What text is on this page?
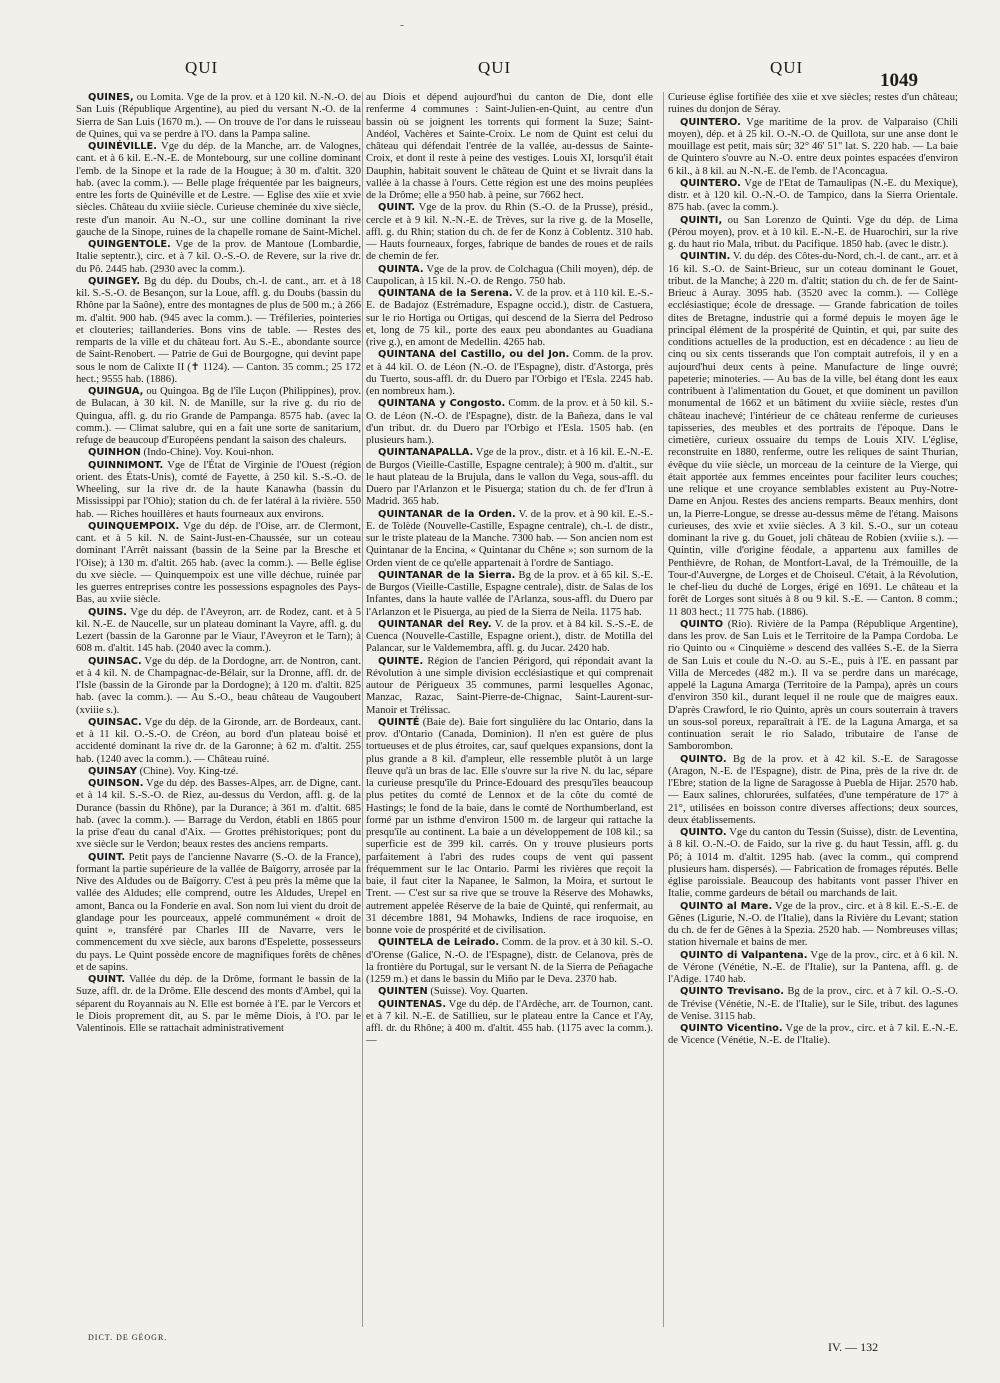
-
QUI	QUI	QUI
1049

QUINES, ou Lomita. Vge de la prov. et à 120 kil. N.-N.-O. de San Luis (République Argentine), au pied du versant N.-O. de la Sierra de San Luis (1670 m.). — On trouve de l'or dans le ruisseau de Quines, qui va se perdre à l'O. dans la Pampa saline.

QUINÉVILLE. Vge du dép. de la Manche, arr. de Valognes, cant. et à 6 kil. E.-N.-E. de Montebourg, sur une colline dominant l'emb. de la Sinope et la rade de la Hougue; à 30 m. d'altit. 320 hab. (avec la comm.). — Belle plage fréquentée par les baigneurs, entre les forts de Quinéville et de Lestre. — Eglise des xiie et xvie siècles. Château du xviiie siècle. Curieuse cheminée du xive siècle, reste d'un manoir. Au N.-O., sur une colline dominant la rive gauche de la Sinope, ruines de la chapelle romane de Saint-Michel.

QUINGENTOLE. Vge de la prov. de Mantoue (Lombardie, Italie septentr.), circ. et à 7 kil. O.-S.-O. de Revere, sur la rive dr. du Pô. 2445 hab. (2930 avec la comm.).

QUINGEY. Bg du dép. du Doubs, ch.-l. de cant., arr. et à 18 kil. S.-S.-O. de Besançon, sur la Loue, affl. g. du Doubs (bassin du Rhône par la Saône), entre des montagnes de plus de 500 m.; à 266 m. d'altit. 900 hab. (945 avec la comm.). — Tréfileries, pointeries et clouteries; taillanderies. Bons vins de table. — Restes des remparts de la ville et du château fort. Au S.-E., abondante source de Saint-Renobert. — Patrie de Gui de Bourgogne, qui devint pape sous le nom de Calixte II (✝ 1124). — Canton. 35 comm.; 25 172 hect.; 9555 hab. (1886).

QUINGUA, ou Quingoa. Bg de l'île Luçon (Philippines), prov. de Bulacan, à 30 kil. N. de Manille, sur la rive g. du rio de Quingua, affl. g. du rio Grande de Pampanga. 8575 hab. (avec la comm.). — Climat salubre, qui en a fait une sorte de sanitarium, refuge de beaucoup d'Européens pendant la saison des chaleurs.

QUINHON (Indo-Chine). Voy. Koui-nhon.

QUINNIMONT. Vge de l'État de Virginie de l'Ouest (région orient. des États-Unis), comté de Fayette, à 250 kil. S.-S.-O. de Wheeling, sur la rive dr. de la haute Kanawha (bassin du Mississippi par l'Ohio); station du ch. de fer latéral à la rivière. 550 hab. — Riches houillères et hauts fourneaux aux environs.

QUINQUEMPOIX. Vge du dép. de l'Oise, arr. de Clermont, cant. et à 5 kil. N. de Saint-Just-en-Chaussée, sur un coteau dominant l'Arrêt naissant (bassin de la Seine par la Bresche et l'Oise); à 130 m. d'altit. 265 hab. (avec la comm.). — Belle église du xve siècle. — Quinquempoix est une ville déchue, ruinée par les guerres entreprises contre les possessions espagnoles des Pays-Bas, au xviie siècle.

QUINS. Vge du dép. de l'Aveyron, arr. de Rodez, cant. et à 5 kil. N.-E. de Naucelle, sur un plateau dominant la Vayre, affl. g. du Lezert (bassin de la Garonne par le Viaur, l'Aveyron et le Tarn); à 608 m. d'altit. 145 hab. (2040 avec la comm.).

QUINSAC. Vge du dép. de la Dordogne, arr. de Nontron, cant. et à 4 kil. N. de Champagnac-de-Bélair, sur la Dronne, affl. dr. de l'Isle (bassin de la Gironde par la Dordogne); à 120 m. d'altit. 825 hab. (avec la comm.). — Au S.-O., beau château de Vaugoubert (xviiie s.).

QUINSAC. Vge du dép. de la Gironde, arr. de Bordeaux, cant. et à 11 kil. O.-S.-O. de Créon, au bord d'un plateau boisé et accidenté dominant la rive dr. de la Garonne; à 62 m. d'altit. 255 hab. (1240 avec la comm.). — Château ruiné.

QUINSAY (Chine). Voy. King-tzé.

QUINSON. Vge du dép. des Basses-Alpes, arr. de Digne, cant. et à 14 kil. S.-S.-O. de Riez, au-dessus du Verdon, affl. g. de la Durance (bassin du Rhône), par la Durance; à 361 m. d'altit. 685 hab. (avec la comm.). — Barrage du Verdon, établi en 1865 pour la prise d'eau du canal d'Aix. — Grottes préhistoriques; pont du xve siècle sur le Verdon; beaux restes des anciens remparts.

QUINT. Petit pays de l'ancienne Navarre (S.-O. de la France), formant la partie supérieure de la vallée de Baïgorry, arrosée par la Nive des Aldudes ou de Baïgorry. C'est à peu près la même que la vallée des Aldudes; elle comprend, outre les Aldudes, Urepel en amont, Banca ou la Fonderie en aval. Son nom lui vient du droit de glandage pour les pourceaux, appelé communément « droit de quint », transféré par Charles III de Navarre, vers le commencement du xve siècle, aux barons d'Espelette, possesseurs du pays. Le Quint possède encore de magnifiques forêts de chênes et de sapins.

QUINT. Vallée du dép. de la Drôme, formant le bassin de la Suze, affl. dr. de la Drôme. Elle descend des monts d'Ambel, qui la séparent du Royannais au N. Elle est bornée à l'E. par le Vercors et le Diois proprement dit, au S. par le même Diois, à l'O. par le Valentinois. Elle se rattachait administrativement

au Diois et dépend aujourd'hui du canton de Die, dont elle renferme 4 communes : Saint-Julien-en-Quint, au centre d'un bassin où se joignent les torrents qui forment la Suze; Saint-Andéol, Vachères et Sainte-Croix. Le nom de Quint est celui du château qui défendait l'entrée de la vallée, au-dessus de Sainte-Croix, et dont il reste à peine des vestiges. Louis XI, lorsqu'il était Dauphin, habitait souvent le château de Quint et se livrait dans la vallée à la chasse à l'ours. Cette région est une des moins peuplées de la Drôme; elle a 950 hab. à peine, sur 7662 hect.

QUINT. Vge de la prov. du Rhin (S.-O. de la Prusse), présid., cercle et à 9 kil. N.-N.-E. de Trèves, sur la rive g. de la Moselle, affl. g. du Rhin; station du ch. de fer de Konz à Coblentz. 310 hab. — Hauts fourneaux, forges, fabrique de bandes de roues et de rails de chemin de fer.

QUINTA. Vge de la prov. de Colchagua (Chili moyen), dép. de Caupolican, à 15 kil. N.-O. de Rengo. 750 hab.

QUINTANA de la Serena. V. de la prov. et à 110 kil. E.-S.-E. de Badajoz (Estrémadure, Espagne occid.), distr. de Castuera, sur le rio Hortiga ou Ortigas, qui descend de la Sierra del Pedroso et, long de 75 kil., porte des eaux peu abondantes au Guadiana (rive g.), en amont de Medellin. 4265 hab.

QUINTANA del Castillo, ou del Jon. Comm. de la prov. et à 44 kil. O. de Léon (N.-O. de l'Espagne), distr. d'Astorga, près du Tuerto, sous-affl. dr. du Duero par l'Orbigo et l'Esla. 2245 hab. (en nombreux ham.).

QUINTANA y Congosto. Comm. de la prov. et à 50 kil. S.-O. de Léon (N.-O. de l'Espagne), distr. de la Bañeza, dans le val d'un tribut. dr. du Duero par l'Orbigo et l'Esla. 1505 hab. (en plusieurs ham.).

QUINTANAPALLA. Vge de la prov., distr. et à 16 kil. E.-N.-E. de Burgos (Vieille-Castille, Espagne centrale); à 900 m. d'altit., sur le haut plateau de la Brujula, dans le vallon du Vega, sous-affl. du Duero par l'Arlanzon et le Pisuerga; station du ch. de fer d'Irun à Madrid. 365 hab.

QUINTANAR de la Orden. V. de la prov. et à 90 kil. E.-S.-E. de Tolède (Nouvelle-Castille, Espagne centrale), ch.-l. de distr., sur le triste plateau de la Manche. 7300 hab. — Son ancien nom est Quintanar de la Encina, « Quintanar du Chêne »; son surnom de la Orden vient de ce qu'elle appartenait à l'ordre de Santiago.

QUINTANAR de la Sierra. Bg de la prov. et à 65 kil. S.-E. de Burgos (Vieille-Castille, Espagne centrale), distr. de Salas de los Infantes, dans la haute vallée de l'Arlanza, sous-affl. du Duero par l'Arlanzon et le Pisuerga, au pied de la Sierra de Neila. 1175 hab.

QUINTANAR del Rey. V. de la prov. et à 84 kil. S.-S.-E. de Cuenca (Nouvelle-Castille, Espagne orient.), distr. de Motilla del Palancar, sur le Valdemembra, affl. g. du Jucar. 2420 hab.

QUINTE. Région de l'ancien Périgord, qui répondait avant la Révolution à une simple division ecclésiastique et qui comprenait autour de Périgueux 35 communes, parmi lesquelles Agonac, Manzac, Razac, Saint-Pierre-de-Chignac, Saint-Laurent-sur-Manoir et Trélissac.

QUINTÉ (Baie de). Baie fort singulière du lac Ontario, dans la prov. d'Ontario (Canada, Dominion). Il n'en est guère de plus tortueuses et de plus étroites, car, sauf quelques expansions, dont la plus grande a 8 kil. d'ampleur, elle ressemble plutôt à un large fleuve qu'à un bras de lac. Elle s'ouvre sur la rive N. du lac, sépare la curieuse presqu'île du Prince-Edouard des presqu'îles beaucoup plus petites du comté de Lennox et de la côte du comté de Hastings; le fond de la baie, dans le comté de Northumberland, est formé par un isthme d'environ 1500 m. de largeur qui rattache la presqu'île au continent. La baie a un développement de 108 kil.; sa superficie est de 399 kil. carrés. On y trouve plusieurs ports parfaitement à l'abri des rudes coups de vent qui passent fréquemment sur le lac Ontario. Parmi les rivières que reçoit la baie, il faut citer la Napanee, le Salmon, la Moira, et surtout le Trent. — C'est sur sa rive que se trouve la Réserve des Mohawks, autrement appelée Réserve de la baie de Quinté, qui renfermait, au 31 décembre 1881, 94 Mohawks, Indiens de race iroquoise, en bonne voie de prospérité et de civilisation.

QUINTELA de Leirado. Comm. de la prov. et à 30 kil. S.-O. d'Orense (Galice, N.-O. de l'Espagne), distr. de Celanova, près de la frontière du Portugal, sur le versant N. de la Sierra de Peñagache (1259 m.) et dans le bassin du Miño par le Deva. 2370 hab.

QUINTEN (Suisse). Voy. Quarten.

QUINTENAS. Vge du dép. de l'Ardèche, arr. de Tournon, cant. et à 7 kil. N.-E. de Satillieu, sur le plateau entre la Cance et l'Ay, affl. dr. du Rhône; à 400 m. d'altit. 455 hab. (1175 avec la comm.). —

Curieuse église fortifiée des xiie et xve siècles; restes d'un château; ruines du donjon de Séray.

QUINTERO. Vge maritime de la prov. de Valparaiso (Chili moyen), dép. et à 25 kil. O.-N.-O. de Quillota, sur une anse dont le mouillage est petit, mais sûr; 32° 46' 51" lat. S. 220 hab. — La baie de Quintero s'ouvre au N.-O. entre deux pointes espacées d'environ 6 kil., à 8 kil. au N.-N.-E. de l'emb. de l'Aconcagua.

QUINTERO. Vge de l'Etat de Tamaulipas (N.-E. du Mexique), distr. et à 120 kil. O.-N.-O. de Tampico, dans la Sierra Orientale. 875 hab. (avec la comm.).

QUINTI, ou San Lorenzo de Quinti. Vge du dép. de Lima (Pérou moyen), prov. et à 10 kil. E.-N.-E. de Huarochiri, sur la rive g. du haut rio Mala, tribut. du Pacifique. 1850 hab. (avec le distr.).

QUINTIN. V. du dép. des Côtes-du-Nord, ch.-l. de cant., arr. et à 16 kil. S.-O. de Saint-Brieuc, sur un coteau dominant le Gouet, tribut. de la Manche; à 220 m. d'altit; station du ch. de fer de Saint-Brieuc à Auray. 3095 hab. (3520 avec la comm.). — Collège ecclésiastique; école de dressage. — Grande fabrication de toiles dites de Bretagne, industrie qui a formé depuis le moyen âge le principal élément de la prospérité de Quintin, et qui, par suite des conditions actuelles de la production, est en décadence : au lieu de cinq ou six cents tisserands que l'on comptait autrefois, il y en a aujourd'hui deux cents à peine. Manufacture de linge ouvré; papeterie; minoteries. — Au bas de la ville, bel étang dont les eaux contribuent à l'alimentation du Gouet, et que dominent un pavillon monumental de 1662 et un bâtiment du xviiie siècle, restes d'un château inachevé; l'intérieur de ce château renferme de curieuses tapisseries, des meubles et des portraits de l'époque. Dans le cimetière, curieux ossuaire du temps de Louis XIV. L'église, reconstruite en 1880, renferme, outre les reliques de saint Thurian, évêque du viie siècle, un morceau de la ceinture de la Vierge, qui était apportée aux femmes enceintes pour faciliter leurs couches; une relique et une croyance semblables existent au Puy-Notre-Dame en Anjou. Restes des anciens remparts. Beaux menhirs, dont un, la Pierre-Longue, se dresse au-dessus même de l'étang. Maisons curieuses, des xvie et xviie siècles. A 3 kil. S.-O., sur un coteau dominant la rive g. du Gouet, joli château de Robien (xviiie s.). — Quintin, ville d'origine féodale, a appartenu aux familles de Penthièvre, de Rohan, de Montfort-Laval, de la Trémouille, de la Tour-d'Auvergne, de Lorges et de Choiseul. C'était, à la Révolution, le chef-lieu du duché de Lorges, érigé en 1691. Le château et la forêt de Lorges sont situés à 8 ou 9 kil. S.-E. — Canton. 8 comm.; 11 803 hect.; 11 775 hab. (1886).

QUINTO (Rio). Rivière de la Pampa (République Argentine), dans les prov. de San Luis et le Territoire de la Pampa Cordoba. Le rio Quinto ou « Cinquième » descend des vallées S.-E. de la Sierra de San Luis et coule du N.-O. au S.-E., puis à l'E. en passant par Villa de Mercedes (482 m.). Il va se perdre dans un marécage, appelé la Laguna Amarga (Territoire de la Pampa), après un cours d'environ 350 kil., durant lequel il ne roule que de maigres eaux. D'après Crawford, le rio Quinto, après un cours souterrain à travers un sous-sol poreux, reparaîtrait à l'E. de la Laguna Amarga, et sa continuation serait le rio Salado, tributaire de l'anse de Samborombon.

QUINTO. Bg de la prov. et à 42 kil. S.-E. de Saragosse (Aragon, N.-E. de l'Espagne), distr. de Pina, près de la rive dr. de l'Ebre; station de la ligne de Saragosse à Puebla de Hijar. 2570 hab. — Eaux salines, chlorurées, sulfatées, d'une température de 17° à 21°, utilisées en boisson contre diverses affections; deux sources, deux établissements.

QUINTO. Vge du canton du Tessin (Suisse), distr. de Leventina, à 8 kil. O.-N.-O. de Faido, sur la rive g. du haut Tessin, affl. g. du Pô; à 1014 m. d'altit. 1295 hab. (avec la comm., qui comprend plusieurs ham. dispersés). — Fabrication de fromages réputés. Belle église paroissiale. Beaucoup des habitants vont passer l'hiver en Italie, comme gardeurs de bétail ou marchands de lait.

QUINTO al Mare. Vge de la prov., circ. et à 8 kil. E.-S.-E. de Gênes (Ligurie, N.-O. de l'Italie), dans la Rivière du Levant; station du ch. de fer de Gênes à la Spezia. 2520 hab. — Nombreuses villas; station hivernale et bains de mer.

QUINTO di Valpantena. Vge de la prov., circ. et à 6 kil. N. de Vérone (Vénétie, N.-E. de l'Italie), sur la Pantena, affl. g. de l'Adige. 1740 hab.

QUINTO Trevisano. Bg de la prov., circ. et à 7 kil. O.-S.-O. de Trévise (Vénétie, N.-E. de l'Italie), sur le Sile, tribut. des lagunes de Venise. 3115 hab.

QUINTO Vicentino. Vge de la prov., circ. et à 7 kil. E.-N.-E. de Vicence (Vénétie, N.-E. de l'Italie).

DICT. DE GÉOGR.
IV. — 132
